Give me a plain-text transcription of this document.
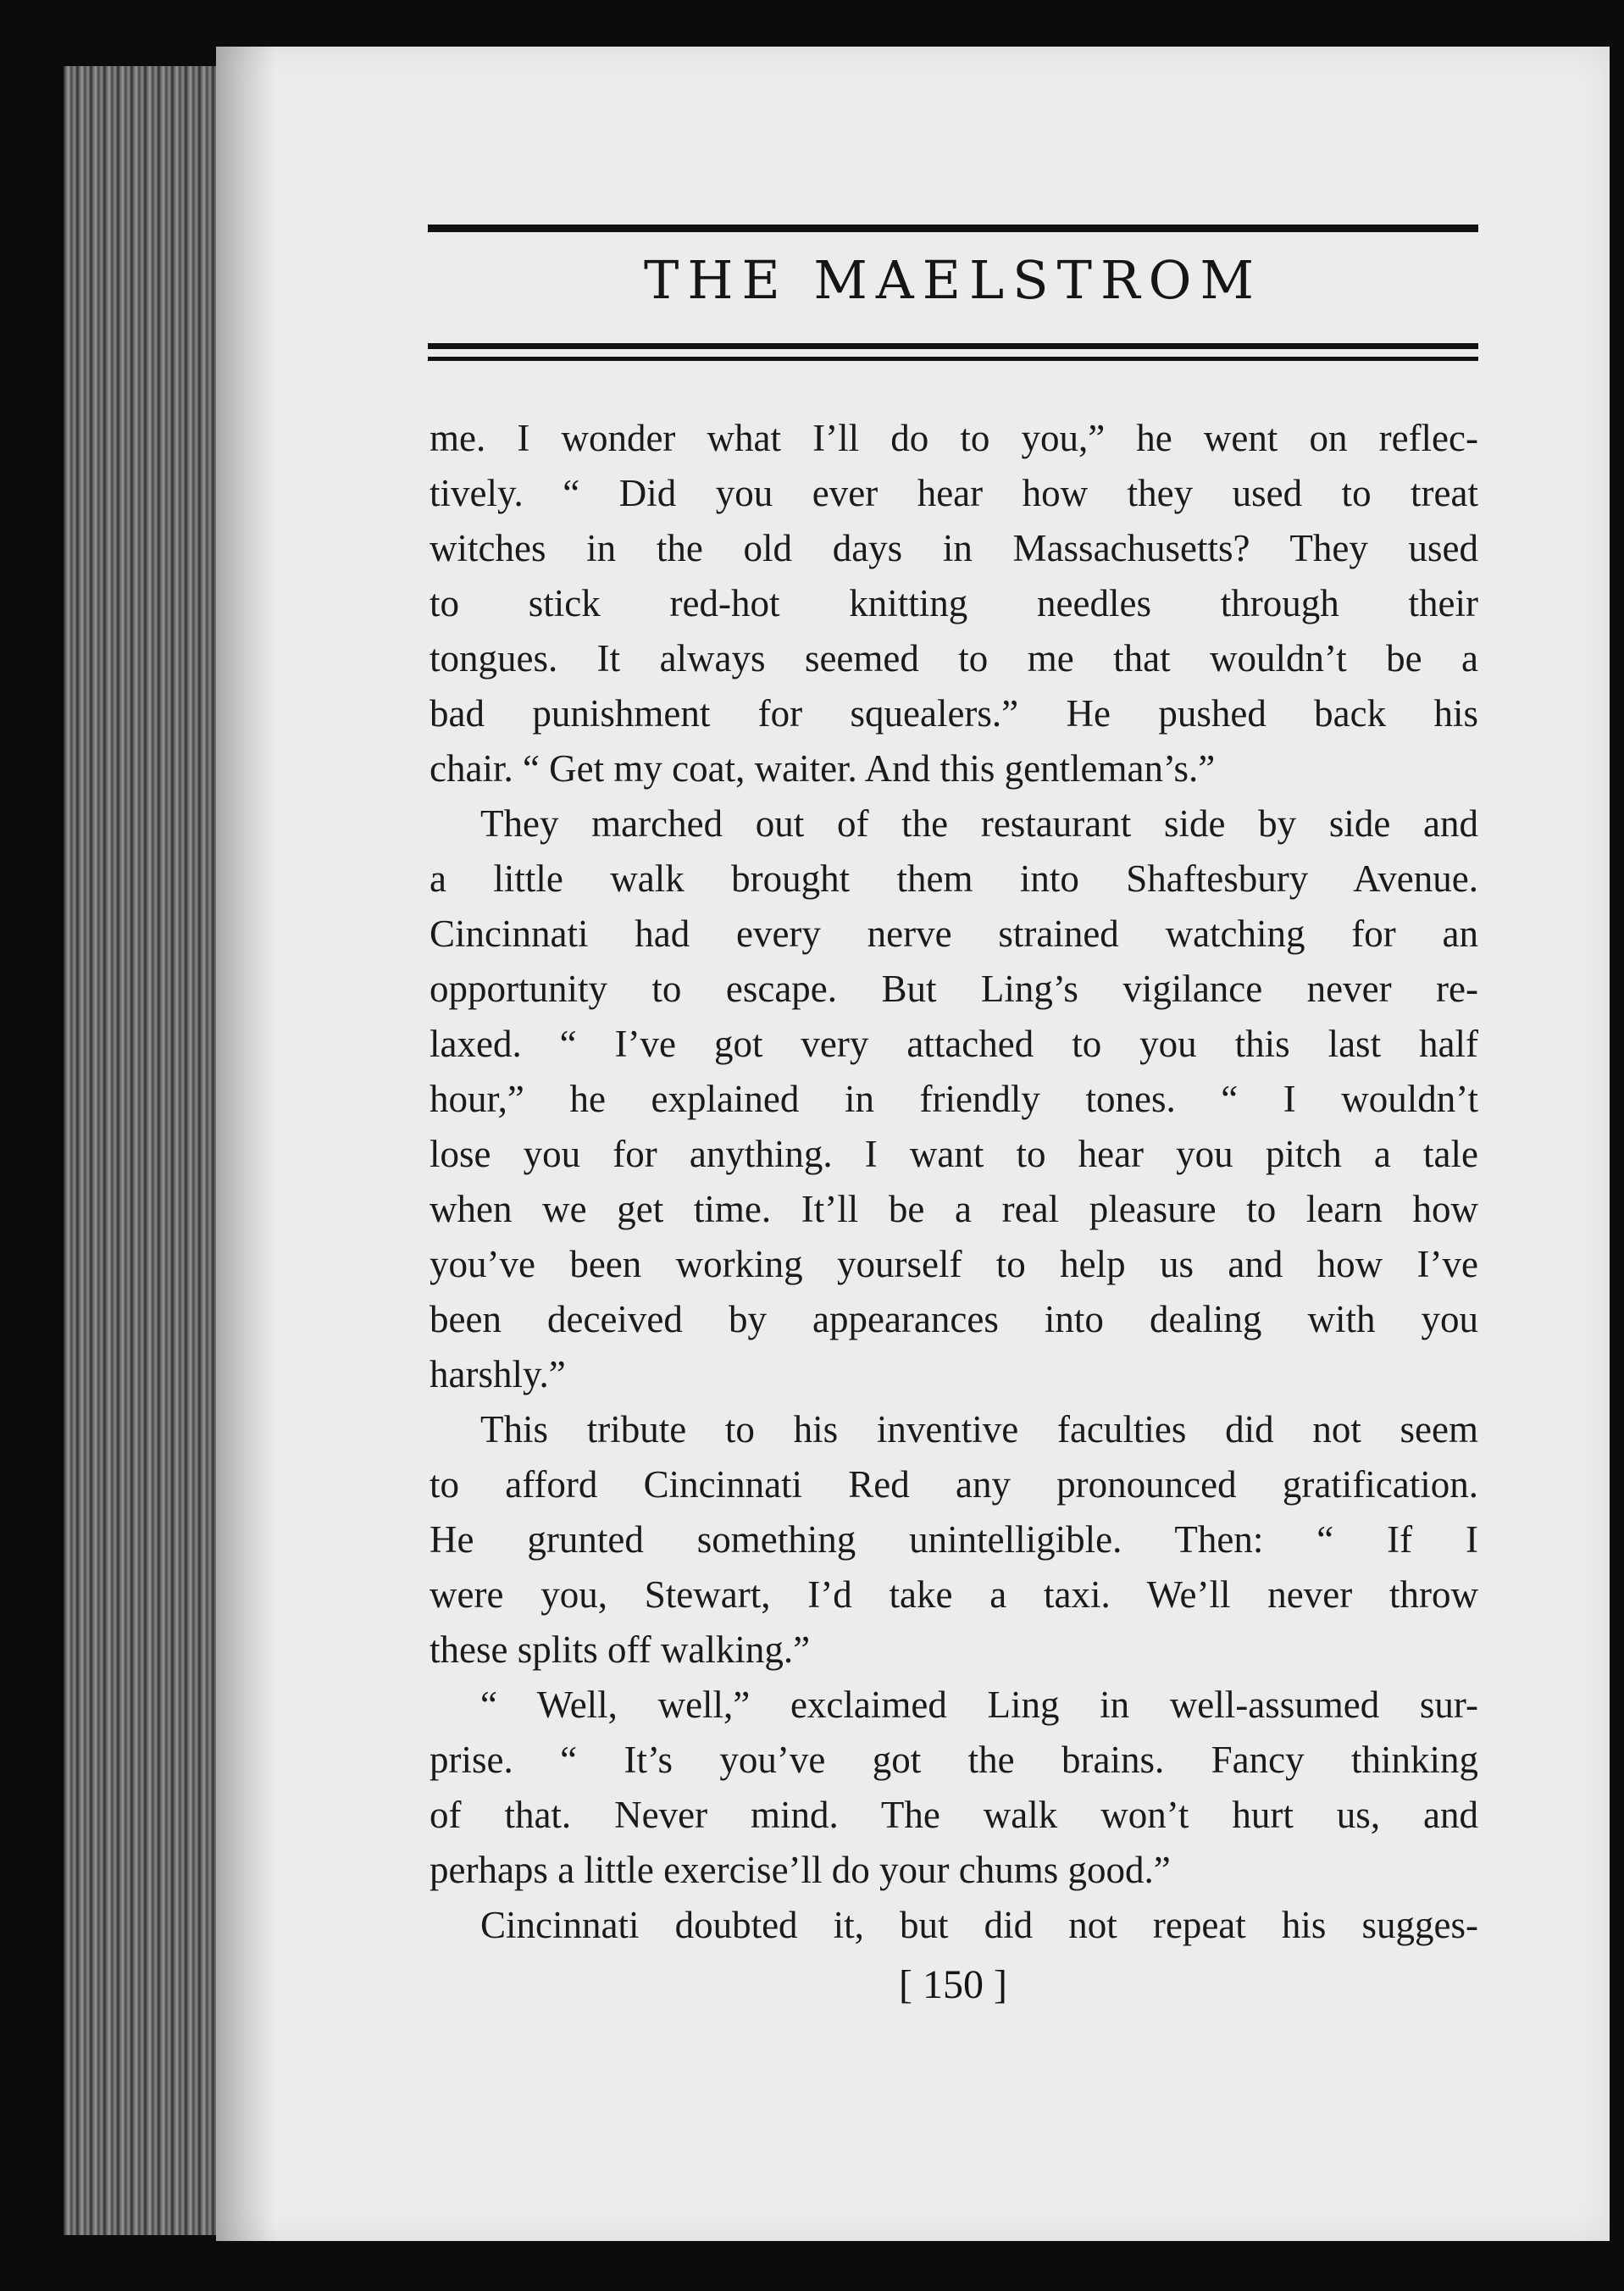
THE MAELSTROM
me. I wonder what I’ll do to you,” he went on reflec-
tively. “ Did you ever hear how they used to treat
witches in the old days in Massachusetts? They used
to stick red-hot knitting needles through their
tongues. It always seemed to me that wouldn’t be a
bad punishment for squealers.” He pushed back his
chair. “ Get my coat, waiter. And this gentleman’s.”
They marched out of the restaurant side by side and
a little walk brought them into Shaftesbury Avenue.
Cincinnati had every nerve strained watching for an
opportunity to escape. But Ling’s vigilance never re-
laxed. “ I’ve got very attached to you this last half
hour,” he explained in friendly tones. “ I wouldn’t
lose you for anything. I want to hear you pitch a tale
when we get time. It’ll be a real pleasure to learn how
you’ve been working yourself to help us and how I’ve
been deceived by appearances into dealing with you
harshly.”
This tribute to his inventive faculties did not seem
to afford Cincinnati Red any pronounced gratification.
He grunted something unintelligible. Then: “ If I
were you, Stewart, I’d take a taxi. We’ll never throw
these splits off walking.”
“ Well, well,” exclaimed Ling in well-assumed sur-
prise. “ It’s you’ve got the brains. Fancy thinking
of that. Never mind. The walk won’t hurt us, and
perhaps a little exercise’ll do your chums good.”
Cincinnati doubted it, but did not repeat his sugges-
[ 150 ]
